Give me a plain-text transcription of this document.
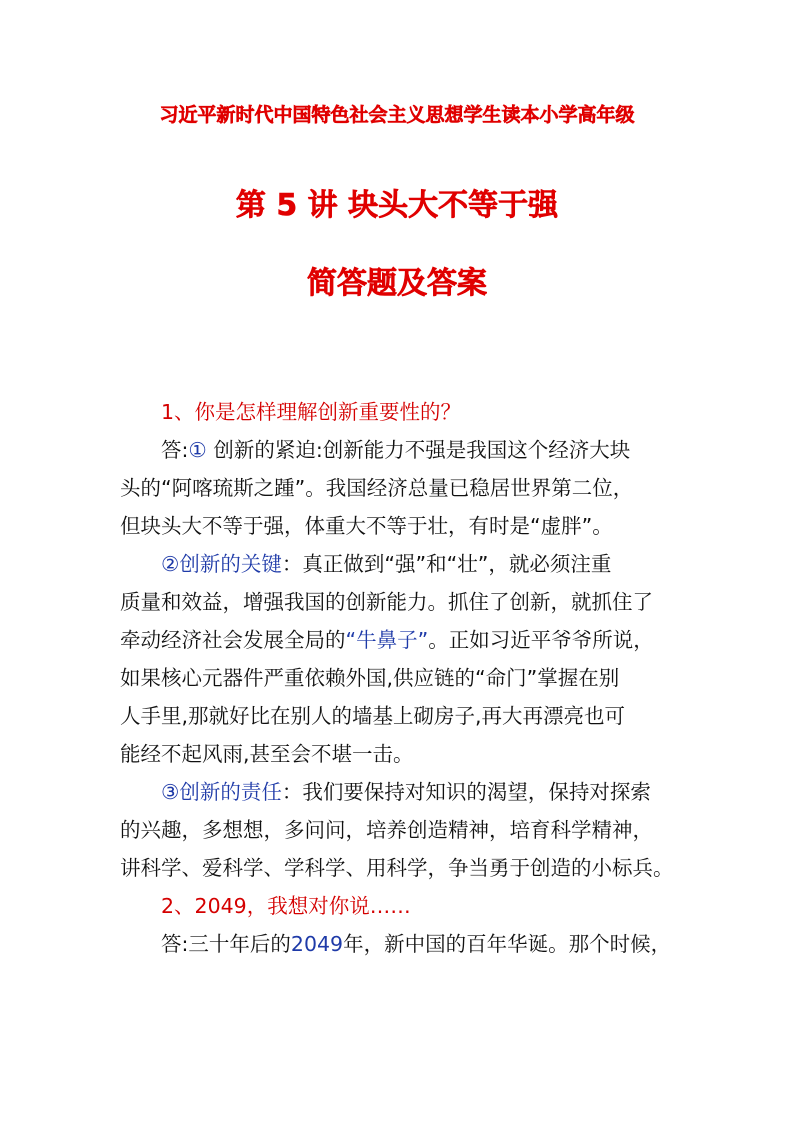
习近平新时代中国特色社会主义思想学生读本小学高年级
第 5 讲 块头大不等于强
简答题及答案
1、你是怎样理解创新重要性的？
答:① 创新的紧迫:创新能力不强是我国这个经济大块
头的“阿喀琉斯之踵”。我国经济总量已稳居世界第二位，
但块头大不等于强，体重大不等于壮，有时是“虚胖”。
②创新的关键：真正做到“强”和“壮”，就必须注重
质量和效益，增强我国的创新能力。抓住了创新，就抓住了
牵动经济社会发展全局的“牛鼻子”。正如习近平爷爷所说，
如果核心元器件严重依赖外国,供应链的“命门”掌握在别
人手里,那就好比在别人的墙基上砌房子,再大再漂亮也可
能经不起风雨,甚至会不堪一击。
③创新的责任：我们要保持对知识的渴望，保持对探索
的兴趣，多想想，多问问，培养创造精神，培育科学精神，
讲科学、爱科学、学科学、用科学，争当勇于创造的小标兵。
2、2049，我想对你说……
答:三十年后的2049年，新中国的百年华诞。那个时候，
